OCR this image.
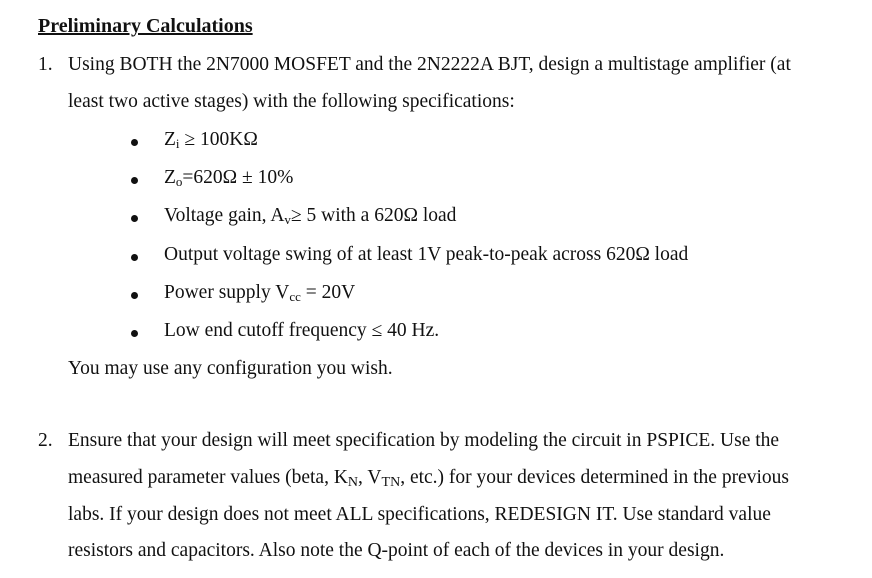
Preliminary Calculations
1. Using BOTH the 2N7000 MOSFET and the 2N2222A BJT, design a multistage amplifier (at
least two active stages) with the following specifications:
$Z_i \ge 100K\Omega$
$Z_o=620\Omega \pm 10\%$
Voltage gain, $A_v\ge 5$ with a 620Ω load
Output voltage swing of at least 1V peak-to-peak across 620Ω load
Power supply $V_{cc} = 20V$
Low end cutoff frequency ≤ 40 Hz.
You may use any configuration you wish.
2. Ensure that your design will meet specification by modeling the circuit in PSPICE. Use the
measured parameter values (beta, $K_N$, $V_{TN}$, etc.) for your devices determined in the previous
labs. If your design does not meet ALL specifications, REDESIGN IT. Use standard value
resistors and capacitors. Also note the Q-point of each of the devices in your design.
